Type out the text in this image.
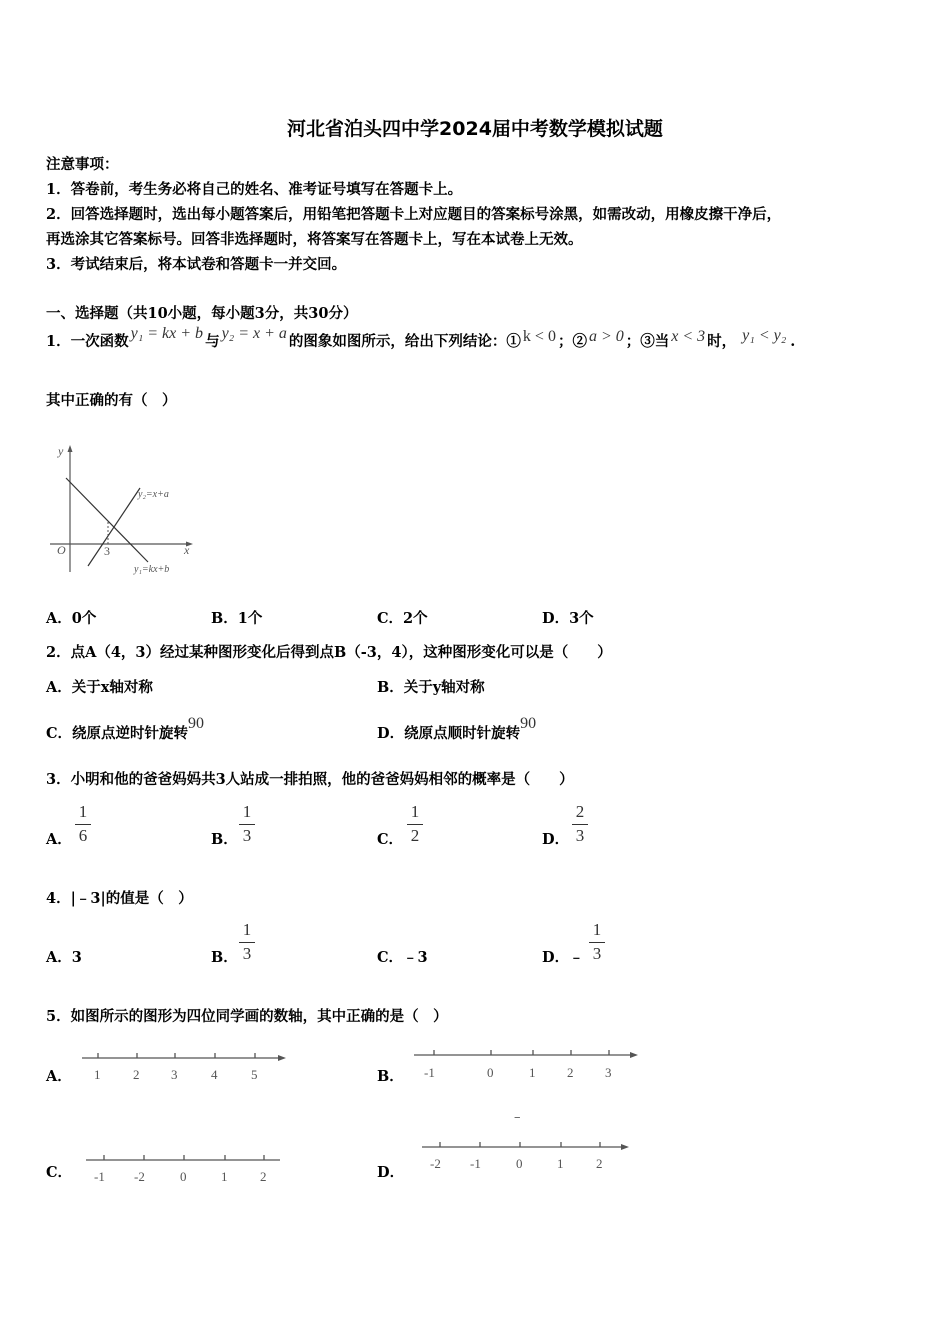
河北省泊头四中学2024届中考数学模拟试题
注意事项：
1．答卷前，考生务必将自己的姓名、准考证号填写在答题卡上。
2．回答选择题时，选出每小题答案后，用铅笔把答题卡上对应题目的答案标号涂黑，如需改动，用橡皮擦干净后，
再选涂其它答案标号。回答非选择题时，将答案写在答题卡上，写在本试卷上无效。
3．考试结束后，将本试卷和答题卡一并交回。
一、选择题（共10小题，每小题3分，共30分）
1．一次函数 y₁ = kx + b 与 y₂ = x + a 的图象如图所示，给出下列结论：① k < 0 ；② a > 0 ；③当 x < 3 时， y₁ < y₂ .
其中正确的有（　）
y
O	x
3
y₂=x+a
y₁=kx+b
A．0个	B．1个	C．2个	D．3个
2．点A（4，3）经过某种图形变化后得到点B（-3，4），这种图形变化可以是（　　）
A．关于x轴对称	B．关于y轴对称
C．绕原点逆时针旋转90
D．绕原点顺时针旋转90
3．小明和他的爸爸妈妈共3人站成一排拍照，他的爸爸妈妈相邻的概率是（　　）
A．
1
6	B．
1
3	C．
1
2	D．
2
3
4．|﹣3|的值是（　）
A．3	B．
1
3	C．﹣3	D．﹣
1
3
5．如图所示的图形为四位同学画的数轴，其中正确的是（　）
A． 1	2 3	4	5	B． -1	0	1 2 3
–
C． -1 -2	0	1	2	D．
-2 -1	0	1	2
